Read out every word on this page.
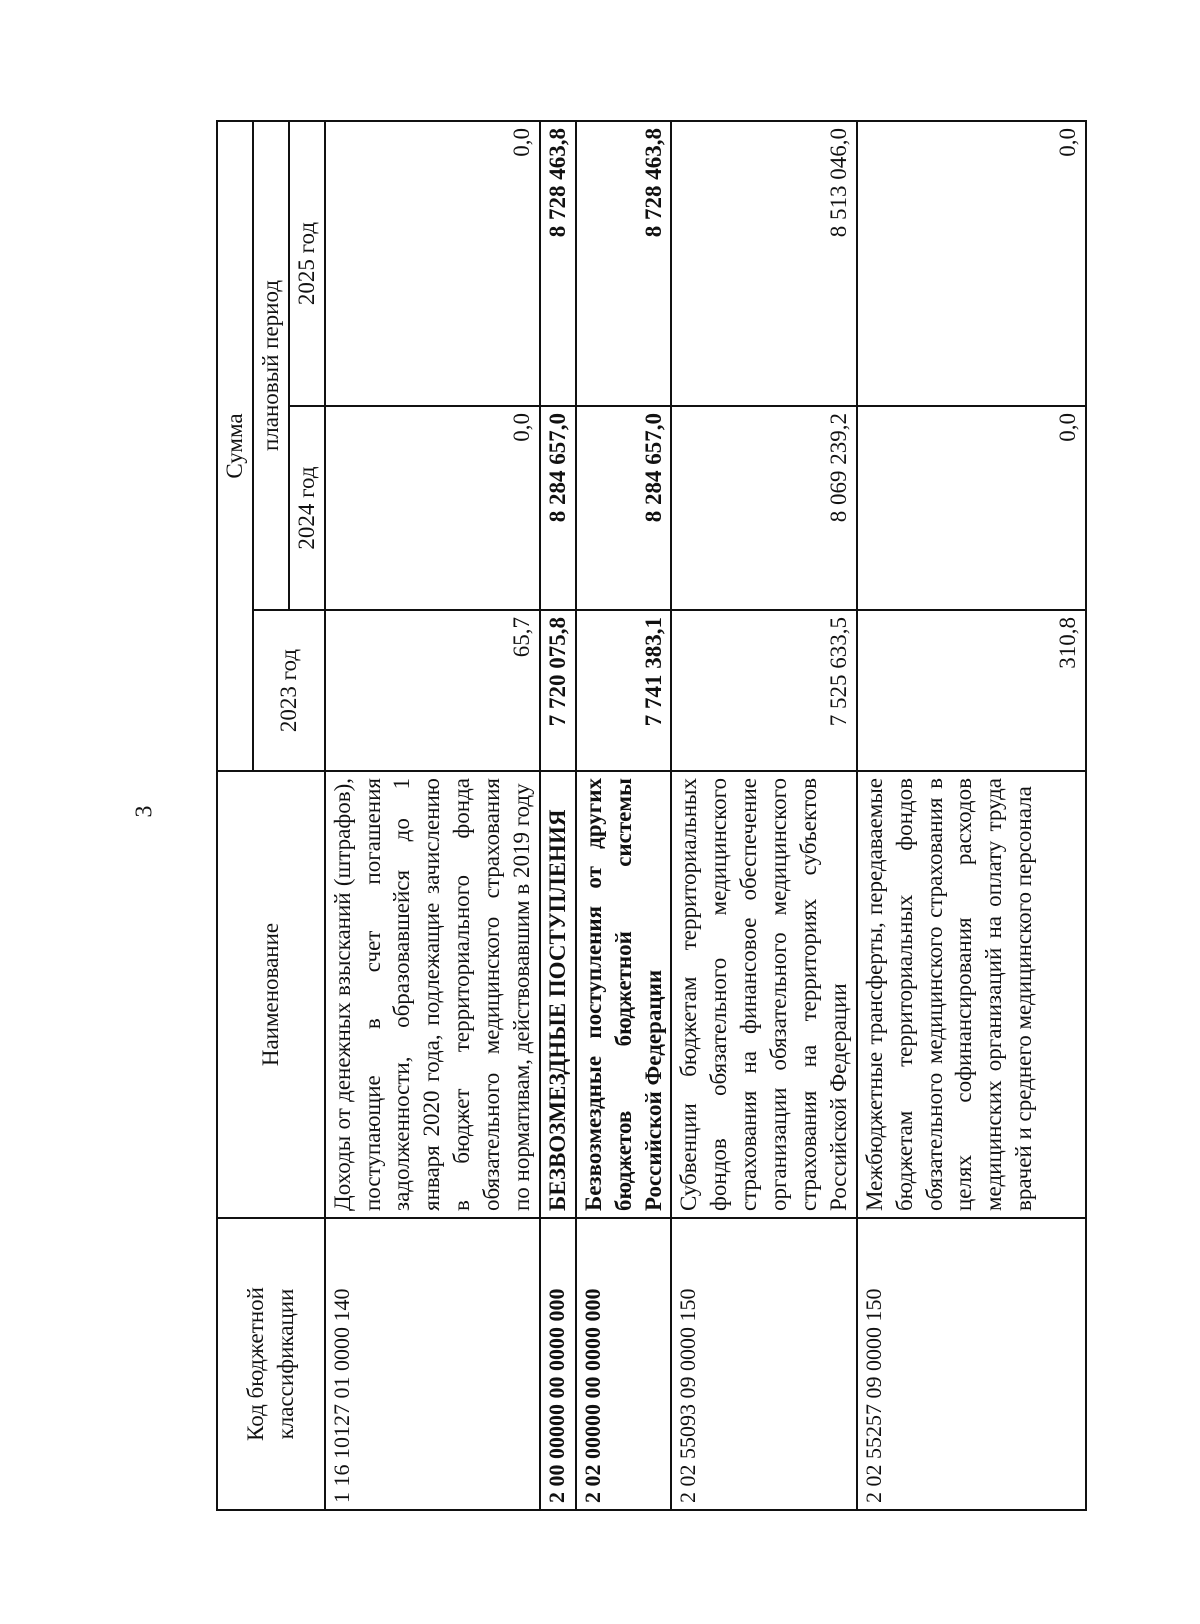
3
Код бюджетной классификации	Наименование	Сумма		
		2023 год	плановый период	
			2024 год	2025 год
1 16 10127 01 0000 140	Доходы от денежных взысканий (штрафов), поступающие в счет погашения задолженности, образовавшейся до 1 января 2020 года, подлежащие зачислению в бюджет территориального фонда обязательного медицинского страхования по нормативам, действовавшим в 2019 году	65,7	0,0	0,0
2 00 00000 00 0000 000	БЕЗВОЗМЕЗДНЫЕ ПОСТУПЛЕНИЯ	7 720 075,8	8 284 657,0	8 728 463,8
2 02 00000 00 0000 000	Безвозмездные поступления от других бюджетов бюджетной системы Российской Федерации	7 741 383,1	8 284 657,0	8 728 463,8
2 02 55093 09 0000 150	Субвенции бюджетам территориальных фондов обязательного медицинского страхования на финансовое обеспечение организации обязательного медицинского страхования на территориях субъектов Российской Федерации	7 525 633,5	8 069 239,2	8 513 046,0
2 02 55257 09 0000 150	Межбюджетные трансферты, передаваемые бюджетам территориальных фондов обязательного медицинского страхования в целях софинансирования расходов медицинских организаций на оплату труда врачей и среднего медицинского персонала	310,8	0,0	0,0
